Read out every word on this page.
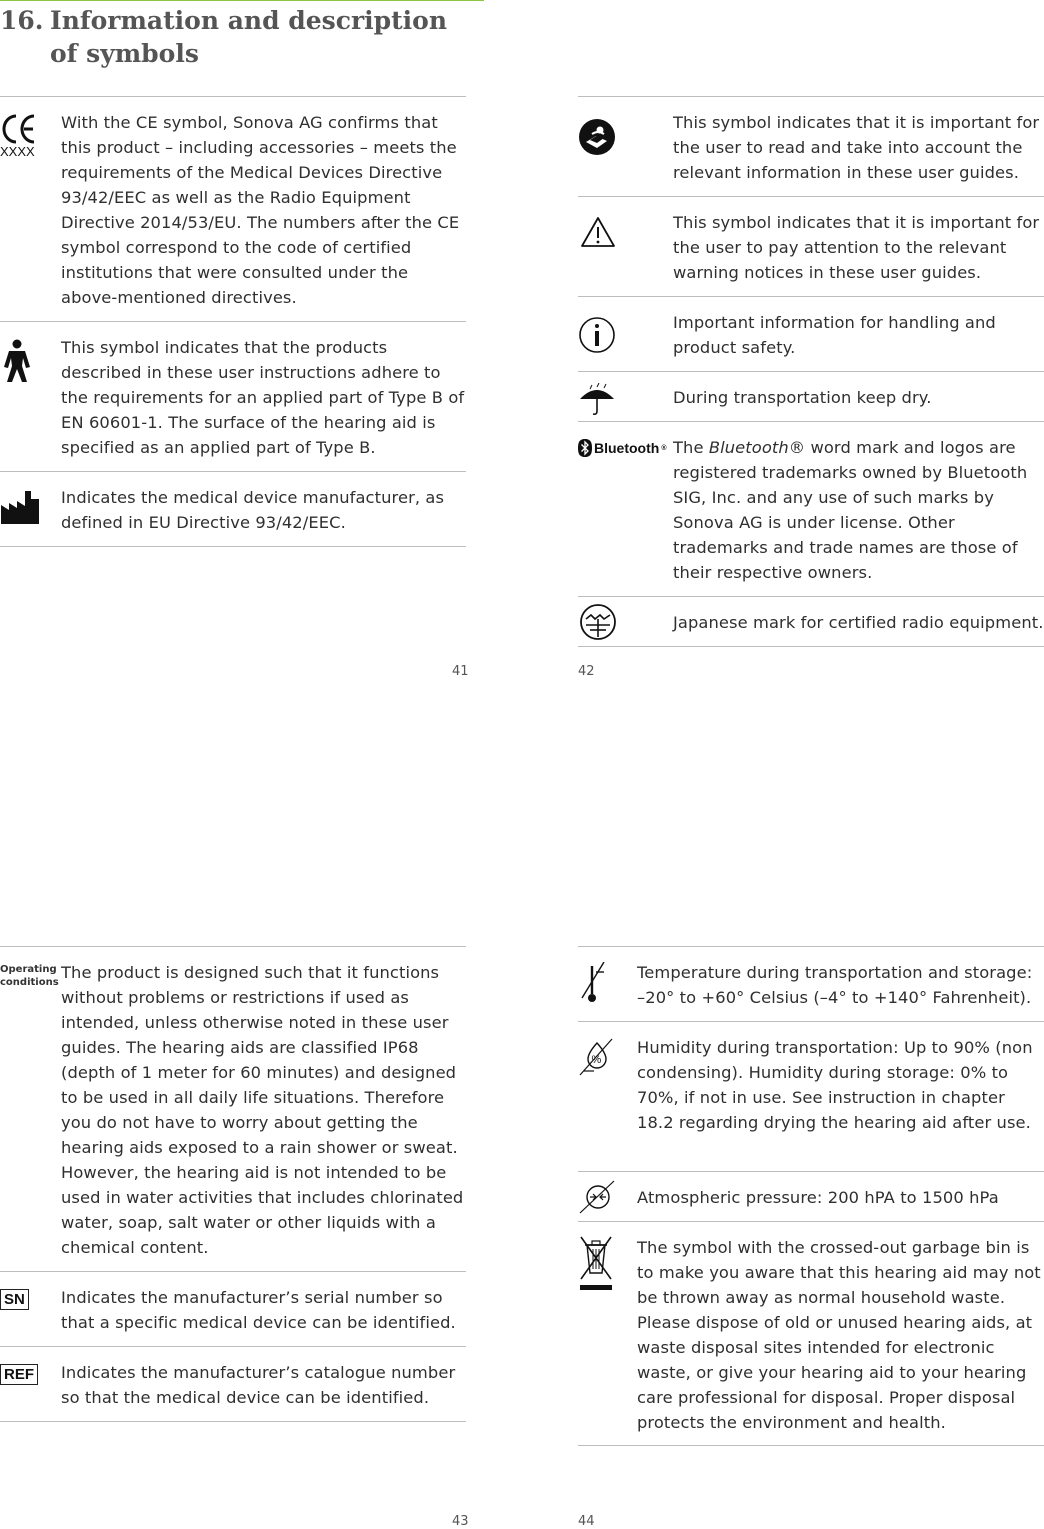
16. Information and description
of symbols
XXXX
With the CE symbol, Sonova AG confirms that this product – including accessories – meets the requirements of the Medical Devices Directive 93/42/EEC as well as the Radio Equipment Directive 2014/53/EU. The numbers after the CE symbol correspond to the code of certified institutions that were consulted under the above-mentioned directives.
This symbol indicates that the products described in these user instructions adhere to the requirements for an applied part of Type B of EN 60601-1. The surface of the hearing aid is specified as an applied part of Type B.
Indicates the medical device manufacturer, as defined in EU Directive 93/42/EEC.
41
This symbol indicates that it is important for the user to read and take into account the relevant information in these user guides.
This symbol indicates that it is important for the user to pay attention to the relevant warning notices in these user guides.
Important information for handling and product safety.
During transportation keep dry.
Bluetooth ® The Bluetooth® word mark and logos are registered trademarks owned by Bluetooth SIG, Inc. and any use of such marks by Sonova AG is under license. Other trademarks and trade names are those of their respective owners.
Japanese mark for certified radio equipment.
42
Operating conditions
The product is designed such that it functions without problems or restrictions if used as intended, unless otherwise noted in these user guides. The hearing aids are classified IP68 (depth of 1 meter for 60 minutes) and designed to be used in all daily life situations. Therefore you do not have to worry about getting the hearing aids exposed to a rain shower or sweat. However, the hearing aid is not intended to be used in water activities that includes chlorinated water, soap, salt water or other liquids with a chemical content.
SN Indicates the manufacturer’s serial number so that a specific medical device can be identified.
REF Indicates the manufacturer’s catalogue number so that the medical device can be identified.
43
Temperature during transportation and storage: –20° to +60° Celsius (–4° to +140° Fahrenheit).
%
Humidity during transportation: Up to 90% (non condensing). Humidity during storage: 0% to 70%, if not in use. See instruction in chapter 18.2 regarding drying the hearing aid after use.
Atmospheric pressure: 200 hPA to 1500 hPa
The symbol with the crossed-out garbage bin is to make you aware that this hearing aid may not be thrown away as normal household waste. Please dispose of old or unused hearing aids, at waste disposal sites intended for electronic waste, or give your hearing aid to your hearing care professional for disposal. Proper disposal protects the environment and health.
44
